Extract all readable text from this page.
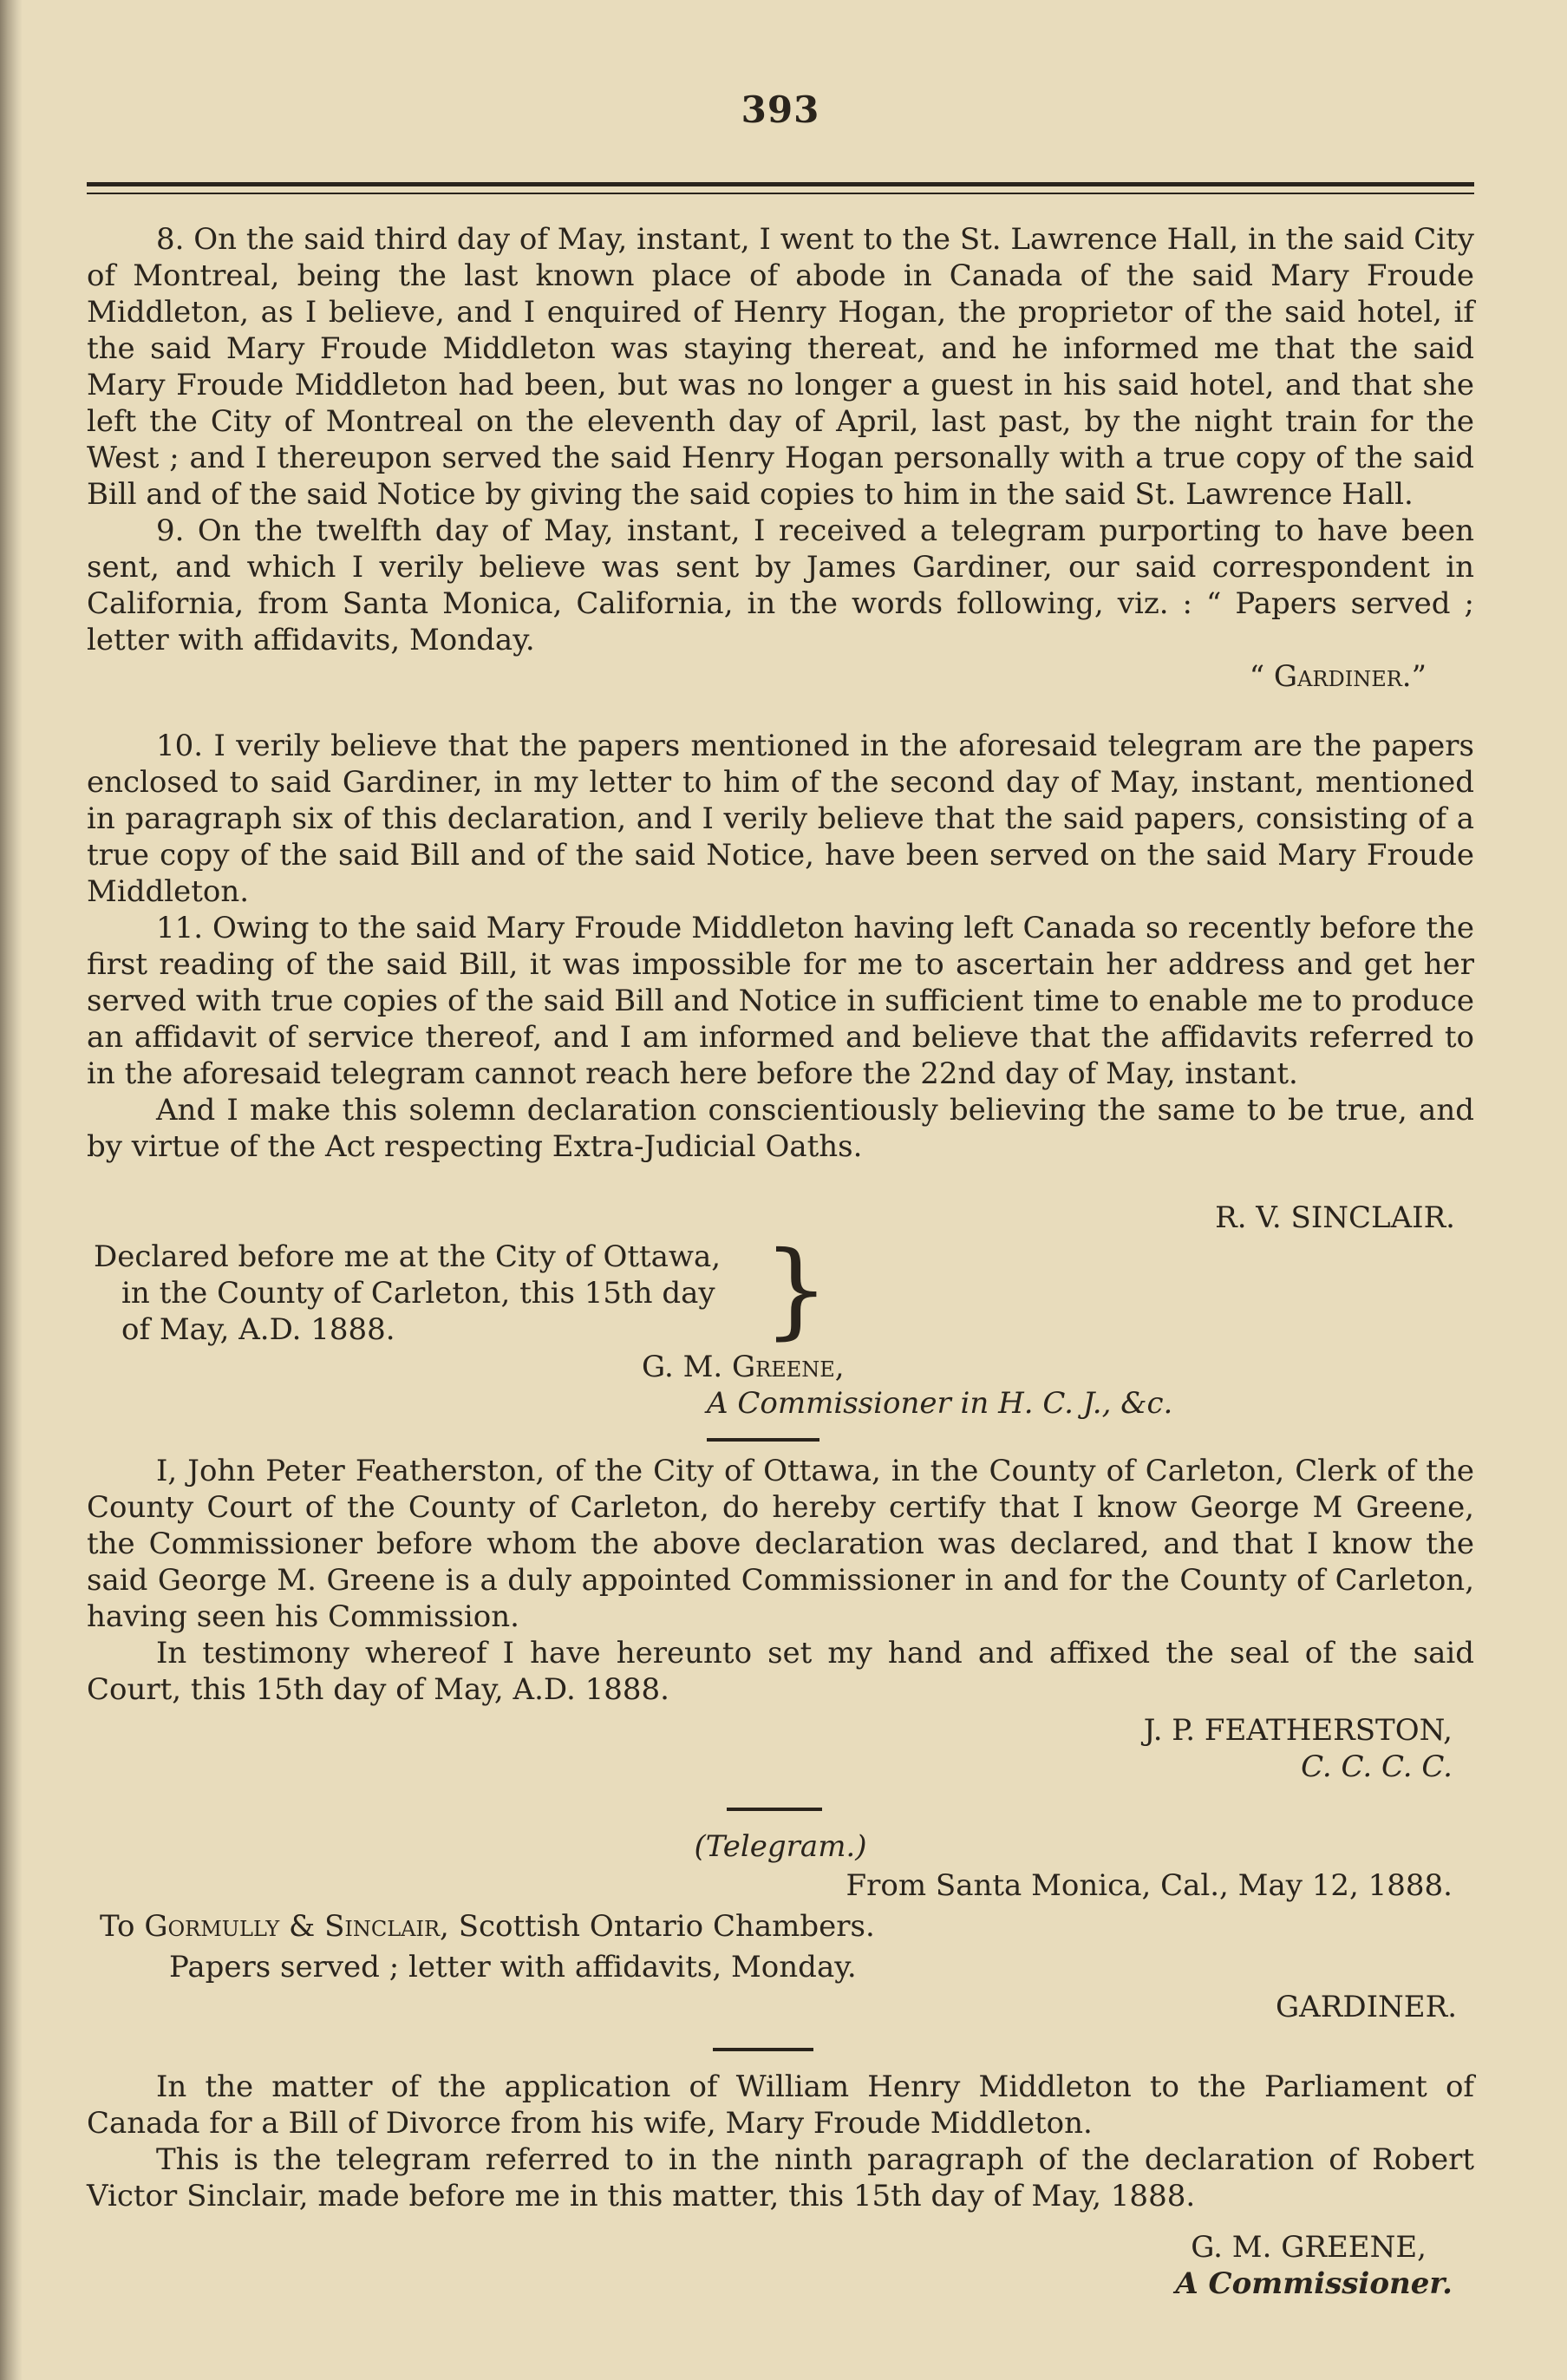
393

8. On the said third day of May, instant, I went to the St. Lawrence Hall, in the said City of Montreal, being the last known place of abode in Canada of the said Mary Froude Middleton, as I believe, and I enquired of Henry Hogan, the proprietor of the said hotel, if the said Mary Froude Middleton was staying thereat, and he informed me that the said Mary Froude Middleton had been, but was no longer a guest in his said hotel, and that she left the City of Montreal on the eleventh day of April, last past, by the night train for the West ; and I thereupon served the said Henry Hogan personally with a true copy of the said Bill and of the said Notice by giving the said copies to him in the said St. Lawrence Hall.

9. On the twelfth day of May, instant, I received a telegram purporting to have been sent, and which I verily believe was sent by James Gardiner, our said correspondent in California, from Santa Monica, California, in the words following, viz. : “ Papers served ; letter with affidavits, Monday.

“ Gardiner.”

10. I verily believe that the papers mentioned in the aforesaid telegram are the papers enclosed to said Gardiner, in my letter to him of the second day of May, instant, mentioned in paragraph six of this declaration, and I verily believe that the said papers, consisting of a true copy of the said Bill and of the said Notice, have been served on the said Mary Froude Middleton.

11. Owing to the said Mary Froude Middleton having left Canada so recently before the first reading of the said Bill, it was impossible for me to ascertain her address and get her served with true copies of the said Bill and Notice in sufficient time to enable me to produce an affidavit of service thereof, and I am informed and believe that the affidavits referred to in the aforesaid telegram cannot reach here before the 22nd day of May, instant.

And I make this solemn declaration conscientiously believing the same to be true, and by virtue of the Act respecting Extra-Judicial Oaths.

R. V. SINCLAIR.
Declared before me at the City of Ottawa,
in the County of Carleton, this 15th day
of May, A.D. 1888.	}
G. M. Greene,
A Commissioner in H. C. J., &c.

I, John Peter Featherston, of the City of Ottawa, in the County of Carleton, Clerk of the County Court of the County of Carleton, do hereby certify that I know George M Greene, the Commissioner before whom the above declaration was declared, and that I know the said George M. Greene is a duly appointed Commissioner in and for the County of Carleton, having seen his Commission.

In testimony whereof I have hereunto set my hand and affixed the seal of the said Court, this 15th day of May, A.D. 1888.

J. P. FEATHERSTON,
C. C. C. C.
(Telegram.)
From Santa Monica, Cal., May 12, 1888.
To Gormully & Sinclair, Scottish Ontario Chambers.
Papers served ; letter with affidavits, Monday.
GARDINER.

In the matter of the application of William Henry Middleton to the Parliament of Canada for a Bill of Divorce from his wife, Mary Froude Middleton.

This is the telegram referred to in the ninth paragraph of the declaration of Robert Victor Sinclair, made before me in this matter, this 15th day of May, 1888.

G. M. GREENE,
A Commissioner.
